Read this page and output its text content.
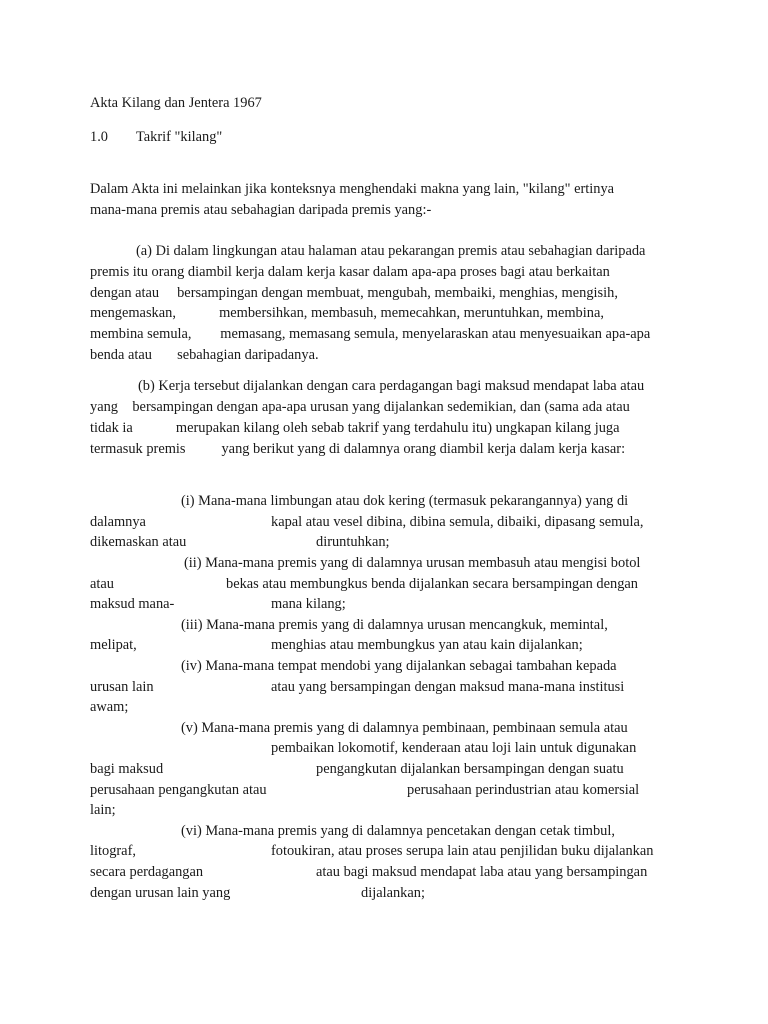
Akta Kilang dan Jentera 1967
1.0 Takrif "kilang"
Dalam Akta ini melainkan jika konteksnya menghendaki makna yang lain, "kilang" ertinya
mana-mana premis atau sebahagian daripada premis yang:-
(a) Di dalam lingkungan atau halaman atau pekarangan premis atau sebahagian daripada
premis itu orang diambil kerja dalam kerja kasar dalam apa-apa proses bagi atau berkaitan
dengan atau     bersampingan dengan membuat, mengubah, membaiki, menghias, mengisih,
mengemaskan,            membersihkan, membasuh, memecahkan, meruntuhkan, membina,
membina semula,        memasang, memasang semula, menyelaraskan atau menyesuaikan apa-apa
benda atau       sebahagian daripadanya.
(b) Kerja tersebut dijalankan dengan cara perdagangan bagi maksud mendapat laba atau
yang    bersampingan dengan apa-apa urusan yang dijalankan sedemikian, dan (sama ada atau
tidak ia            merupakan kilang oleh sebab takrif yang terdahulu itu) ungkapan kilang juga
termasuk premis          yang berikut yang di dalamnya orang diambil kerja dalam kerja kasar:
(i) Mana-mana limbungan atau dok kering (termasuk pekarangannya) yang di
dalamnya	kapal atau vesel dibina, dibina semula, dibaiki, dipasang semula,
dikemaskan atau	diruntuhkan;
(ii) Mana-mana premis yang di dalamnya urusan membasuh atau mengisi botol
atau	bekas atau membungkus benda dijalankan secara bersampingan dengan
maksud mana-	mana kilang;
(iii) Mana-mana premis yang di dalamnya urusan mencangkuk, memintal,
melipat,	menghias atau membungkus yan atau kain dijalankan;
(iv) Mana-mana tempat mendobi yang dijalankan sebagai tambahan kepada
urusan lain	atau yang bersampingan dengan maksud mana-mana institusi
awam;
(v) Mana-mana premis yang di dalamnya pembinaan, pembinaan semula atau
pembaikan lokomotif, kenderaan atau loji lain untuk digunakan
bagi maksud	pengangkutan dijalankan bersampingan dengan suatu
perusahaan pengangkutan atau	perusahaan perindustrian atau komersial
lain;
(vi) Mana-mana premis yang di dalamnya pencetakan dengan cetak timbul,
litograf,	fotoukiran, atau proses serupa lain atau penjilidan buku dijalankan
secara perdagangan	atau bagi maksud mendapat laba atau yang bersampingan
dengan urusan lain yang	dijalankan;
